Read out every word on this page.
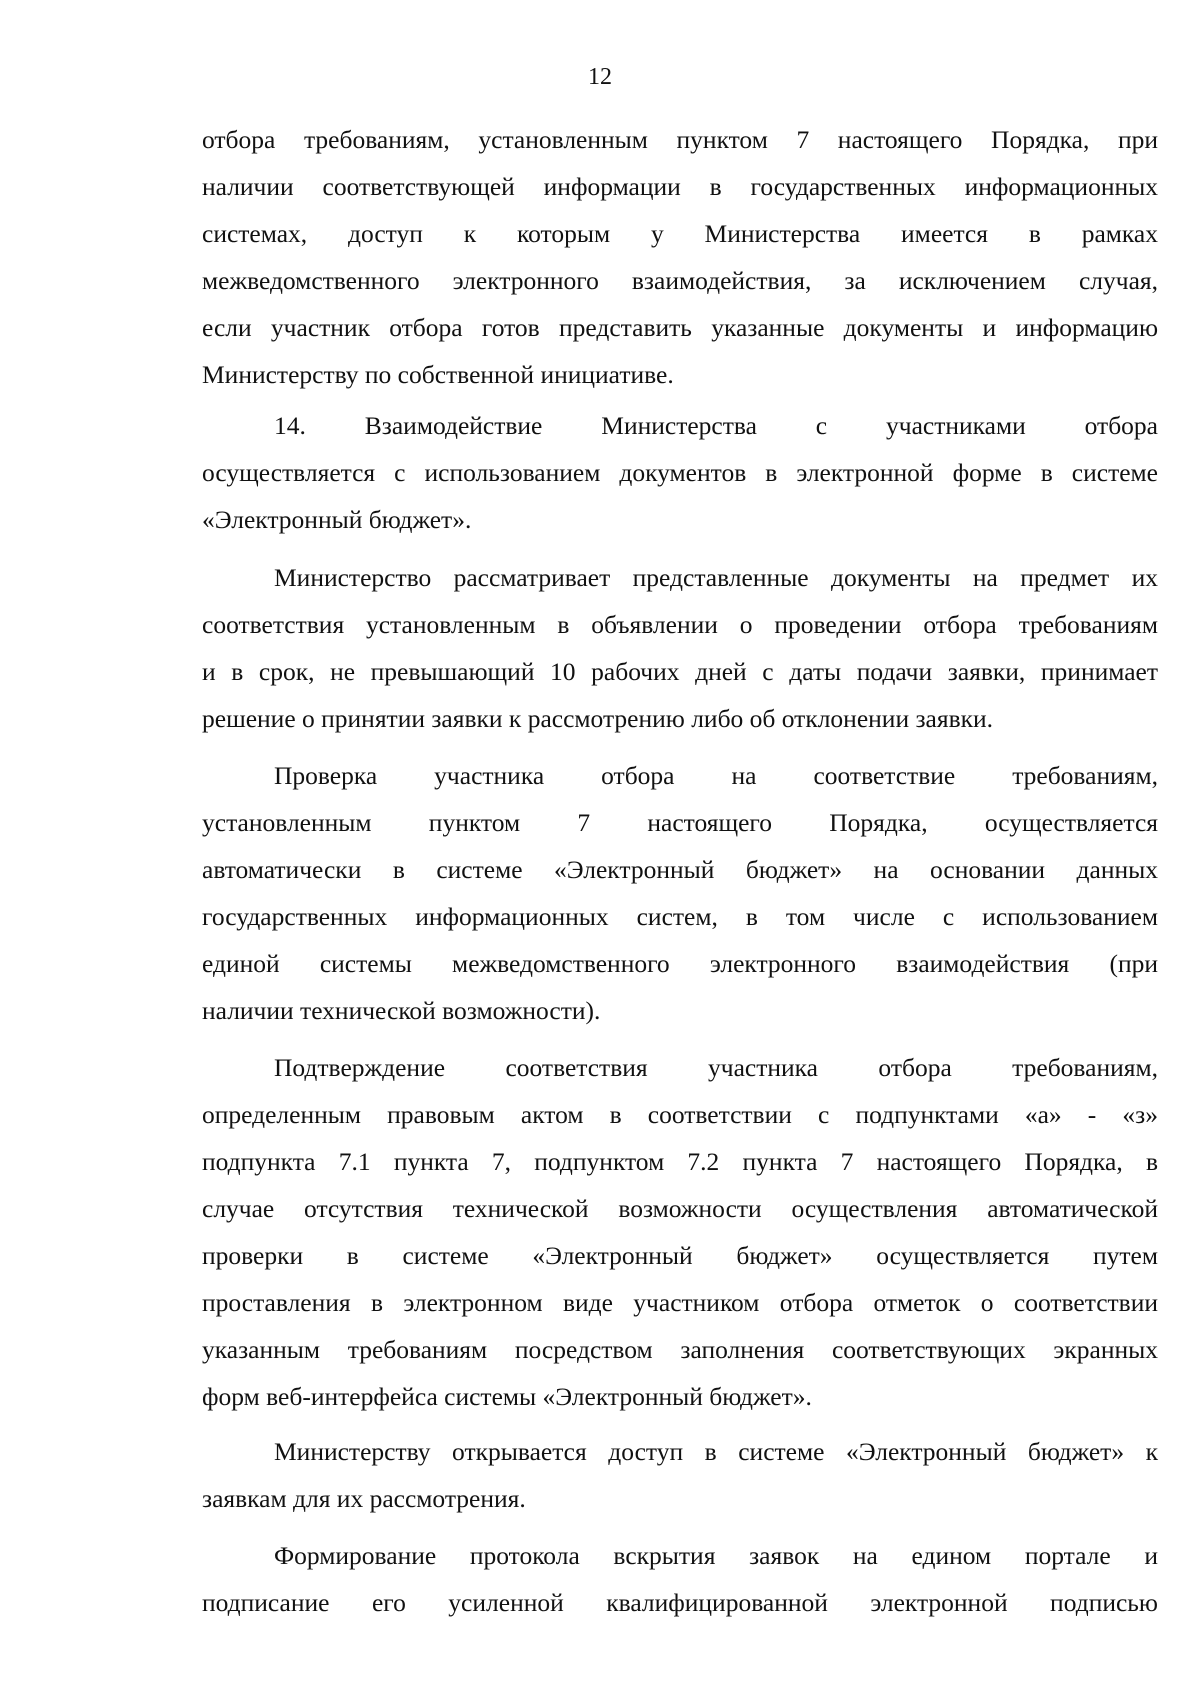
12

отбора требованиям, установленным пунктом 7 настоящего Порядка, при
наличии соответствующей информации в государственных информационных
системах, доступ к которым у Министерства имеется в рамках
межведомственного электронного взаимодействия, за исключением случая,
если участник отбора готов представить указанные документы и информацию
Министерству по собственной инициативе.

14. Взаимодействие Министерства с участниками отбора
осуществляется с использованием документов в электронной форме в системе
«Электронный бюджет».

Министерство рассматривает представленные документы на предмет их
соответствия установленным в объявлении о проведении отбора требованиям
и в срок, не превышающий 10 рабочих дней с даты подачи заявки, принимает
решение о принятии заявки к рассмотрению либо об отклонении заявки.

Проверка участника отбора на соответствие требованиям,
установленным пунктом 7 настоящего Порядка, осуществляется
автоматически в системе «Электронный бюджет» на основании данных
государственных информационных систем, в том числе с использованием
единой системы межведомственного электронного взаимодействия (при
наличии технической возможности).

Подтверждение соответствия участника отбора требованиям,
определенным правовым актом в соответствии с подпунктами «а» - «з»
подпункта 7.1 пункта 7, подпунктом 7.2 пункта 7 настоящего Порядка, в
случае отсутствия технической возможности осуществления автоматической
проверки в системе «Электронный бюджет» осуществляется путем
проставления в электронном виде участником отбора отметок о соответствии
указанным требованиям посредством заполнения соответствующих экранных
форм веб-интерфейса системы «Электронный бюджет».

Министерству открывается доступ в системе «Электронный бюджет» к
заявкам для их рассмотрения.

Формирование протокола вскрытия заявок на едином портале и
подписание его усиленной квалифицированной электронной подписью
